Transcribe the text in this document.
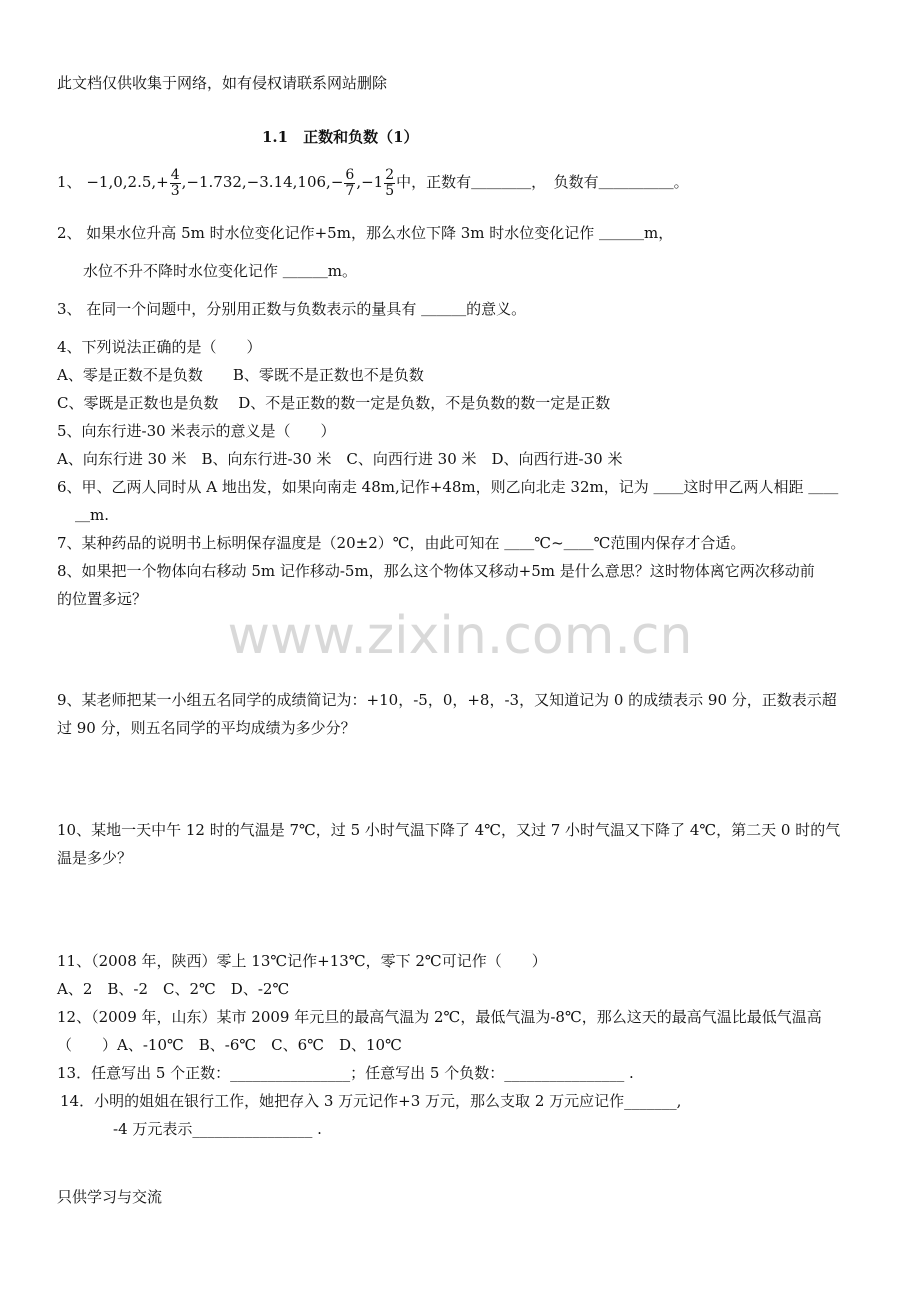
此文档仅供收集于网络，如有侵权请联系网站删除
1.1　正数和负数（1）
1、 $-1,0,2.5,+ \frac{4}{3} ,-1.732,-3.14,106,- \frac{6}{7} ,-1 \frac{2}{5}$ 中，正数有＿＿＿＿，　负数有＿＿＿＿＿。
2、 如果水位升高 5m 时水位变化记作+5m，那么水位下降 3m 时水位变化记作 ＿＿＿m，
水位不升不降时水位变化记作 ＿＿＿m。
3、 在同一个问题中，分别用正数与负数表示的量具有 ＿＿＿的意义。
4、下列说法正确的是（　　）
A、零是正数不是负数　　B、零既不是正数也不是负数
C、零既是正数也是负数　 D、不是正数的数一定是负数，不是负数的数一定是正数
5、向东行进-30 米表示的意义是（　　）
A、向东行进 30 米　B、向东行进-30 米　C、向西行进 30 米　D、向西行进-30 米
6、甲、乙两人同时从 A 地出发，如果向南走 48m,记作+48m，则乙向北走 32m，记为 ＿＿这时甲乙两人相距 ＿＿
＿m.
7、某种药品的说明书上标明保存温度是（20±2）℃，由此可知在 ＿＿℃~＿＿℃范围内保存才合适。
8、如果把一个物体向右移动 5m 记作移动-5m，那么这个物体又移动+5m 是什么意思？这时物体离它两次移动前
的位置多远？
www.zixin.com.cn
9、某老师把某一小组五名同学的成绩简记为：+10，-5，0，+8，-3，又知道记为 0 的成绩表示 90 分，正数表示超
过 90 分，则五名同学的平均成绩为多少分？
10、某地一天中午 12 时的气温是 7℃，过 5 小时气温下降了 4℃，又过 7 小时气温又下降了 4℃，第二天 0 时的气
温是多少？
11、（2008 年，陕西）零上 13℃记作+13℃，零下 2℃可记作（　　）
A、2　B、-2　C、2℃　D、-2℃
12、（2009 年，山东）某市 2009 年元旦的最高气温为 2℃，最低气温为-8℃，那么这天的最高气温比最低气温高
（　　）A、-10℃　B、-6℃　C、6℃　D、10℃
13．任意写出 5 个正数：________________；任意写出 5 个负数：________________ .
14．小明的姐姐在银行工作，她把存入 3 万元记作+3 万元，那么支取 2 万元应记作_______,
-4 万元表示________________ .
只供学习与交流
